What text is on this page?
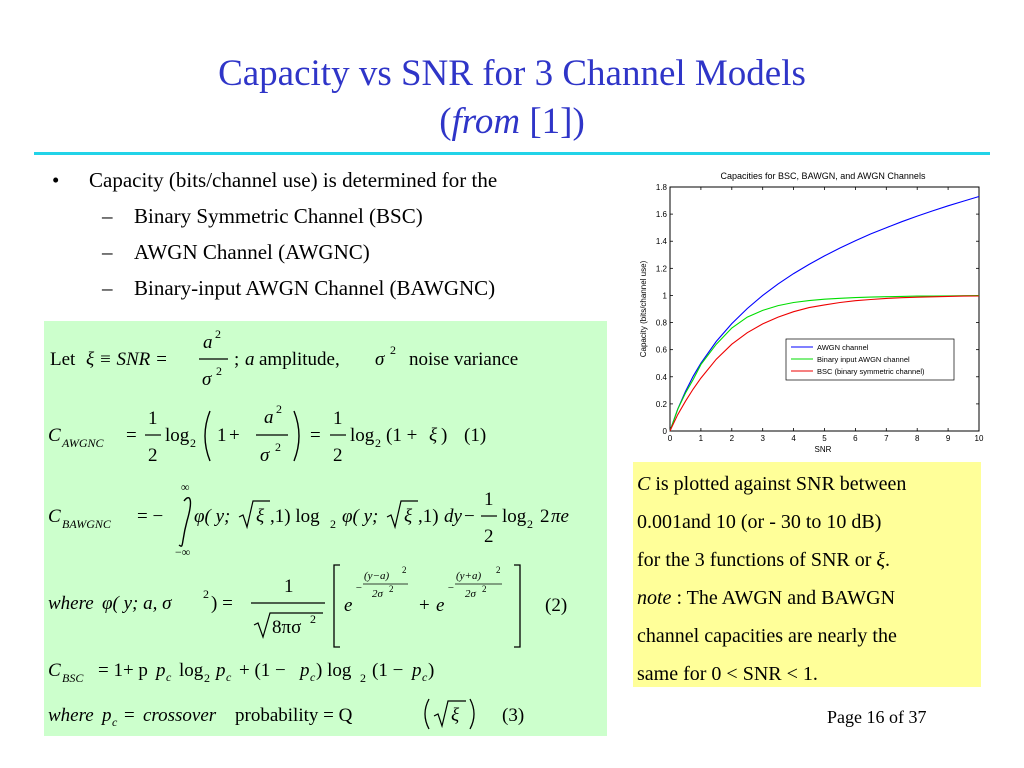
Capacity vs SNR for 3 Channel Models
(from [1])
• Capacity (bits/channel use) is determined for the
– Binary Symmetric Channel (BSC)
– AWGN Channel (AWGNC)
– Binary-input AWGN Channel (BAWGNC)
Let ξ ≡ SNR =
a 2
σ 2
; a amplitude, σ 2 noise variance
C AWGNC =
1
2
log 2 1 +
a 2
σ 2
=
1
2
log 2 (1 + ξ ) (1)
C BAWGNC = −
∞
−∞
φ( y; ξ ,1) log 2 φ( y; ξ ,1) dy −
1
2
log 2 2 πe
where φ( y; a, σ	2 ) =
1
8πσ 2
e
−
(y−a) 2
2σ 2
+ e
−
(y+a) 2
2σ 2
(2)
C BSC = 1+ p p c log 2 p c + (1 − p c ) log 2 (1 − p c )
where p c = crossover probability = Q	ξ (3)
Capacities for BSC, BAWGN, and AWGN Channels
0	1	2	3	4	5	6	7	8	9	10
0
0.2
0.4
0.6
0.8
1
1.2
1.4
1.6
1.8
SNR
Capacity (bits/channel use)	AWGN channel
Binary input AWGN channel
BSC (binary symmetric channel)
C is plotted against SNR between
0.001and 10 (or - 30 to 10 dB)
for the 3 functions of SNR or ξ.
note : The AWGN and BAWGN
channel capacities are nearly the
same for 0 < SNR < 1.
Page 16 of 37
